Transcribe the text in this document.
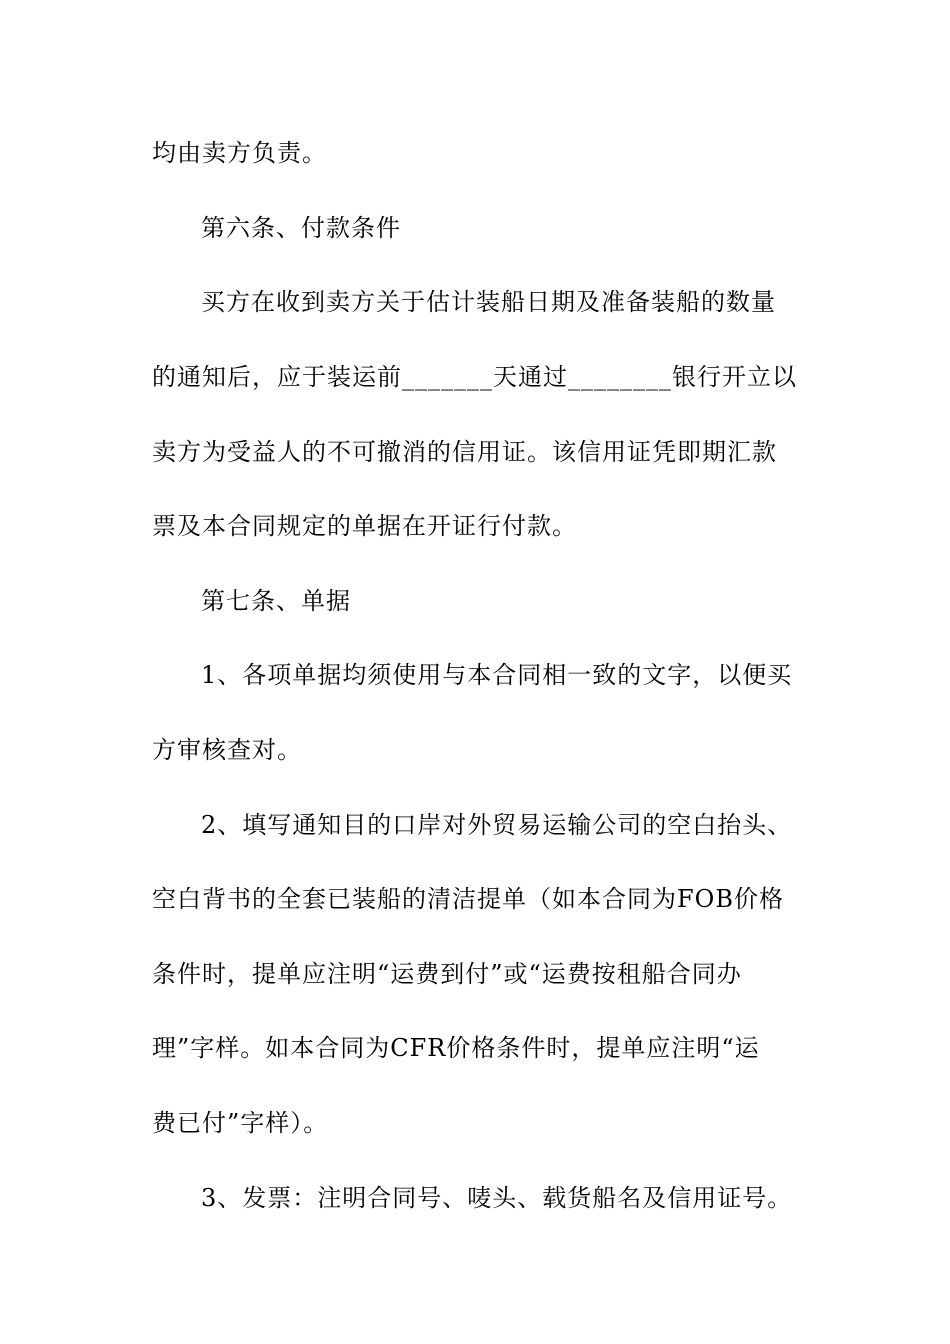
均由卖方负责。
第六条、付款条件
买方在收到卖方关于估计装船日期及准备装船的数量
的通知后，应于装运前_______天通过________银行开立以
卖方为受益人的不可撤消的信用证。该信用证凭即期汇款
票及本合同规定的单据在开证行付款。
第七条、单据
1、各项单据均须使用与本合同相一致的文字，以便买
方审核查对。
2、填写通知目的口岸对外贸易运输公司的空白抬头、
空白背书的全套已装船的清洁提单（如本合同为FOB价格
条件时，提单应注明“运费到付”或“运费按租船合同办
理”字样。如本合同为CFR价格条件时，提单应注明“运
费已付”字样）。
3、发票：注明合同号、唛头、载货船名及信用证号。
